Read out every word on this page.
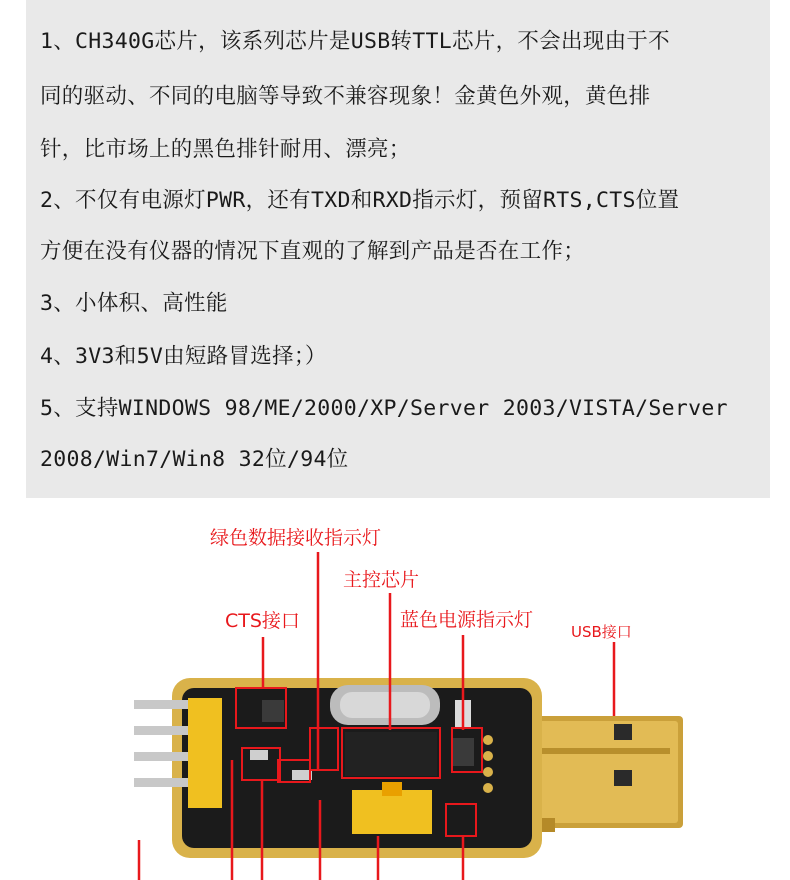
1、CH340G芯片，该系列芯片是USB转TTL芯片，不会出现由于不
同的驱动、不同的电脑等导致不兼容现象！金黄色外观，黄色排
针，比市场上的黑色排针耐用、漂亮；
2、不仅有电源灯PWR，还有TXD和RXD指示灯，预留RTS,CTS位置
方便在没有仪器的情况下直观的了解到产品是否在工作；
3、小体积、高性能
4、3V3和5V由短路冒选择；）
5、支持WINDOWS 98/ME/2000/XP/Server 2003/VISTA/Server
2008/Win7/Win8 32位/94位
绿色数据接收指示灯
主控芯片
CTS接口	蓝色电源指示灯
USB接口
